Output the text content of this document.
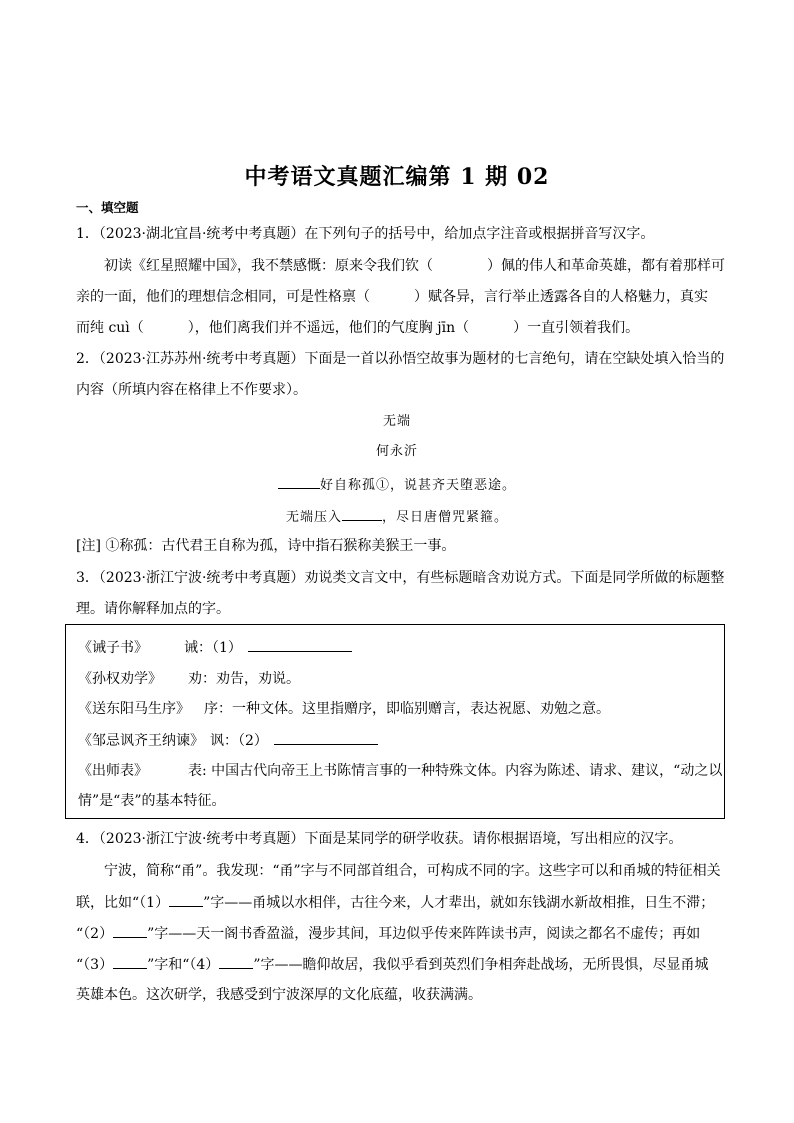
中考语文真题汇编第 1 期 02
一、填空题
1．（2023·湖北宜昌·统考中考真题）在下列句子的括号中，给加点字注音或根据拼音写汉字。
初读《红星照耀中国》，我不禁感慨：原来令我们钦（	）佩的伟人和革命英雄，都有着那样可
亲的一面，他们的理想信念相同，可是性格禀（	）赋各异，言行举止透露各自的人格魅力，真实
而纯 cuì（	），他们离我们并不遥远，他们的气度胸 jīn（	）一直引领着我们。
2．（2023·江苏苏州·统考中考真题）下面是一首以孙悟空故事为题材的七言绝句，请在空缺处填入恰当的
内容（所填内容在格律上不作要求）。
无端
何永沂
好自称孤①，说甚齐天堕恶途。
无端压入	，尽日唐僧咒紧箍。
[注] ①称孤：古代君王自称为孤，诗中指石猴称美猴王一事。
3．（2023·浙江宁波·统考中考真题）劝说类文言文中，有些标题暗含劝说方式。下面是同学所做的标题整
理。请你解释加点的字。
《诫子书》	诫：（1）
《孙权劝学》 劝：劝告，劝说。
《送东阳马生序》 序：一种文体。这里指赠序，即临别赠言，表达祝愿、劝勉之意。
《邹忌讽齐王纳谏》 讽：（2）
《出师表》	表: 中国古代向帝王上书陈情言事的一种特殊文体。内容为陈述、请求、建议，“动之以
情”是“表”的基本特征。
4．（2023·浙江宁波·统考中考真题）下面是某同学的研学收获。请你根据语境，写出相应的汉字。
宁波，简称“甬”。我发现：“甬”字与不同部首组合，可构成不同的字。这些字可以和甬城的特征相关
联，比如“（1） ”字——甬城以水相伴，古往今来，人才辈出，就如东钱湖水新故相推，日生不滞；
“（2） ”字——天一阁书香盈溢，漫步其间，耳边似乎传来阵阵读书声，阅读之都名不虚传；再如
“（3） ”字和“（4） ”字——瞻仰故居，我似乎看到英烈们争相奔赴战场，无所畏惧，尽显甬城
英雄本色。这次研学，我感受到宁波深厚的文化底蕴，收获满满。
